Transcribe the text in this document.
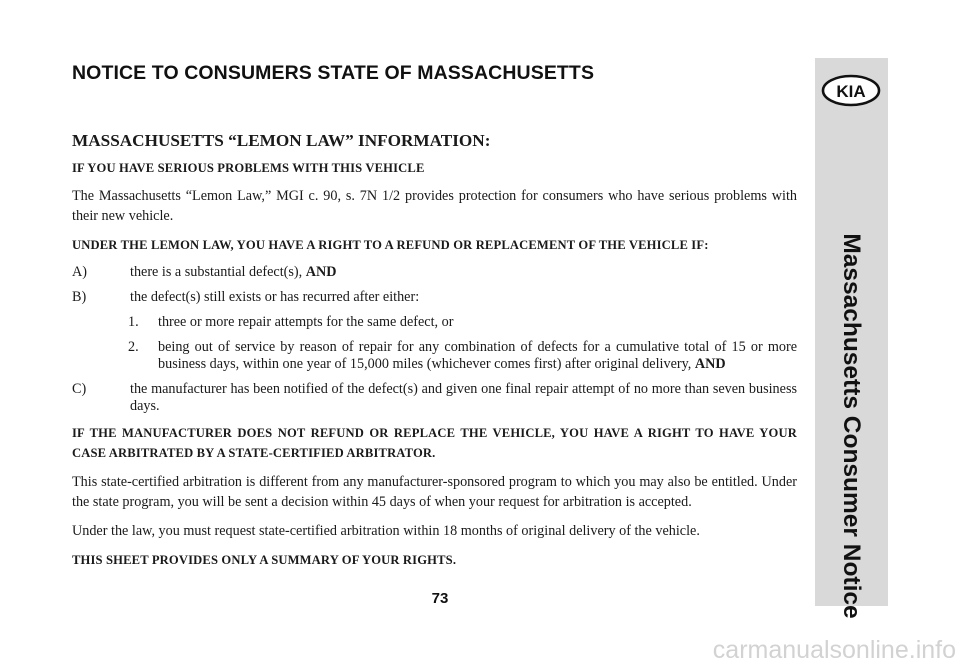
NOTICE TO CONSUMERS STATE OF MASSACHUSETTS
MASSACHUSETTS “LEMON LAW” INFORMATION:

IF YOU HAVE SERIOUS PROBLEMS WITH THIS VEHICLE

The Massachusetts “Lemon Law,” MGI c. 90, s. 7N 1/2 provides protection for consumers who have serious problems with their new vehicle.

UNDER THE LEMON LAW, YOU HAVE A RIGHT TO A REFUND OR REPLACEMENT OF THE VEHICLE IF:

A)	there is a substantial defect(s), AND
B)	the defect(s) still exists or has recurred after either:
1.	three or more repair attempts for the same defect, or
2.	being out of service by reason of repair for any combination of defects for a cumulative total of 15 or more business days, within one year of 15,000 miles (whichever comes first) after original delivery, AND
C)	the manufacturer has been notified of the defect(s) and given one final repair attempt of no more than seven business days.

IF THE MANUFACTURER DOES NOT REFUND OR REPLACE THE VEHICLE, YOU HAVE A RIGHT TO HAVE YOUR CASE ARBITRATED BY A STATE-CERTIFIED ARBITRATOR.

This state-certified arbitration is different from any manufacturer-sponsored program to which you may also be entitled. Under the state program, you will be sent a decision within 45 days of when your request for arbitration is accepted.

Under the law, you must request state-certified arbitration within 18 months of original delivery of the vehicle.

THIS SHEET PROVIDES ONLY A SUMMARY OF YOUR RIGHTS.

KIA
Massachusetts Consumer Notice
73
carmanualsonline.info
